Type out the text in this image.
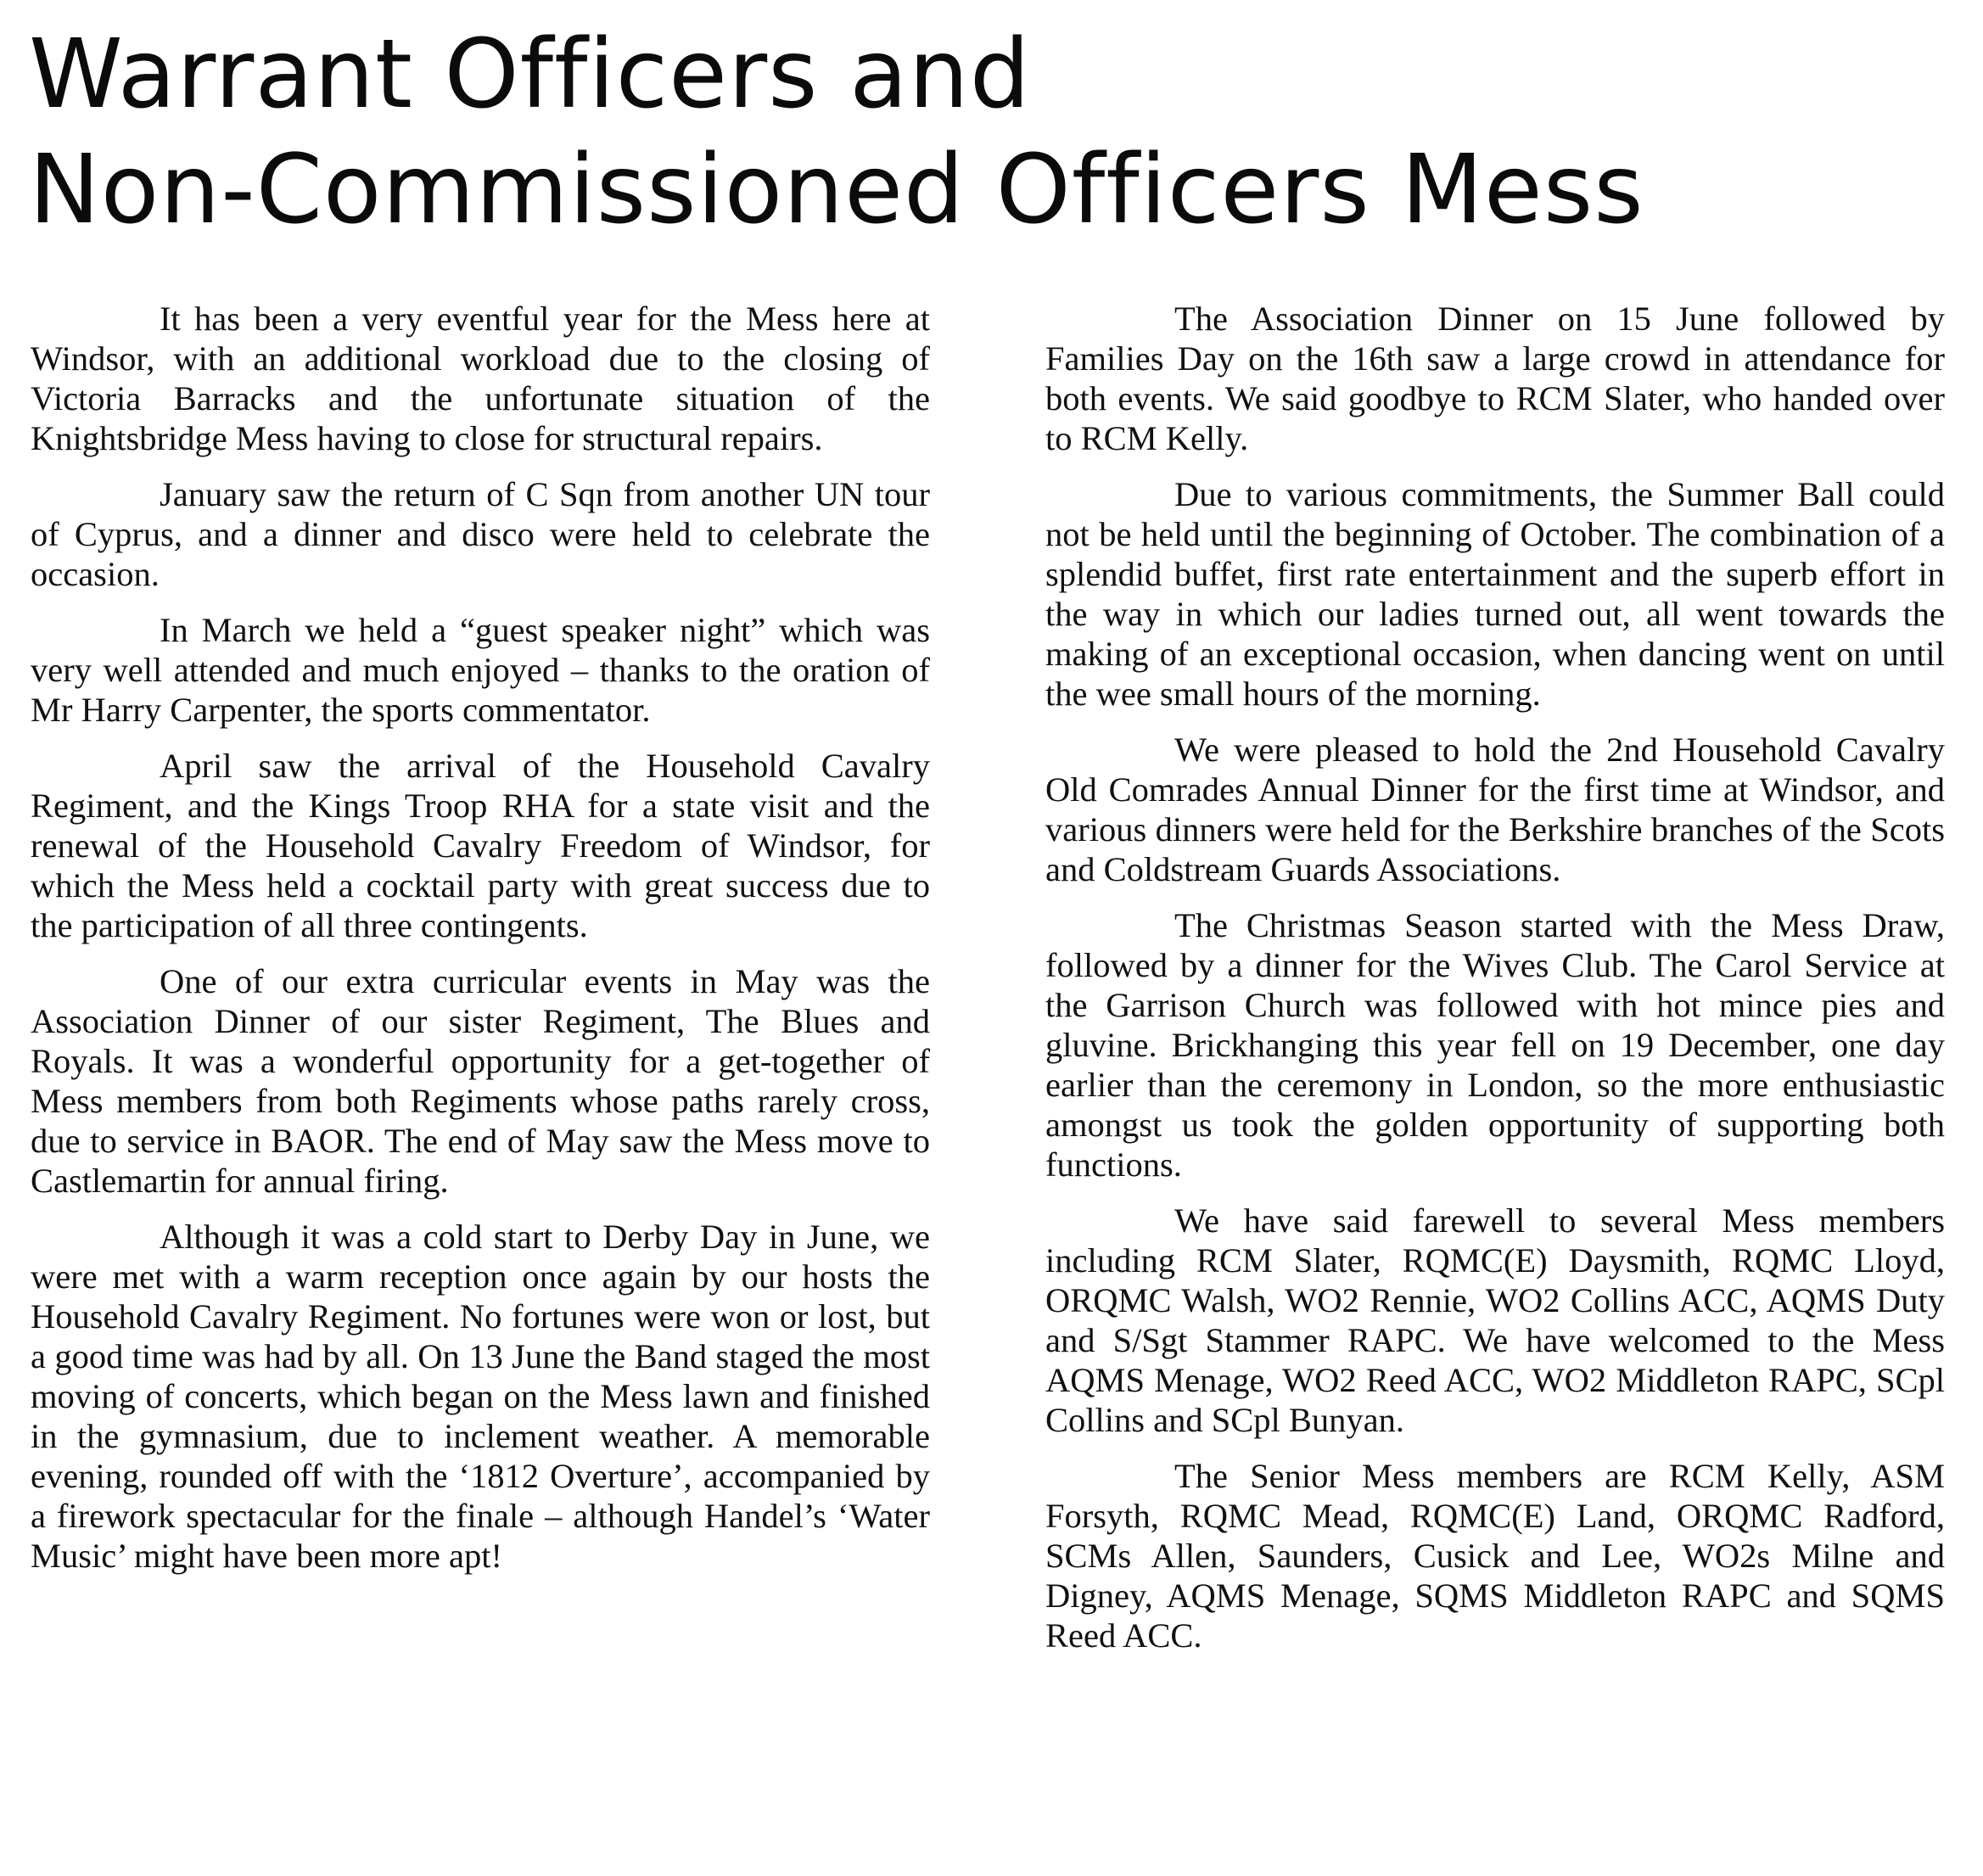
Warrant Officers and
Non-Commissioned Officers Mess

It has been a very eventful year for the Mess here at Windsor, with an additional workload due to the closing of Victoria Barracks and the unfortunate situation of the Knightsbridge Mess having to close for structural repairs.

January saw the return of C Sqn from another UN tour of Cyprus, and a dinner and disco were held to celebrate the occasion.

In March we held a “guest speaker night” which was very well attended and much enjoyed – thanks to the oration of Mr Harry Carpenter, the sports commentator.

April saw the arrival of the Household Cavalry Regiment, and the Kings Troop RHA for a state visit and the renewal of the Household Cavalry Freedom of Windsor, for which the Mess held a cocktail party with great success due to the participation of all three contingents.

One of our extra curricular events in May was the Association Dinner of our sister Regiment, The Blues and Royals. It was a wonderful opportunity for a get-together of Mess members from both Regiments whose paths rarely cross, due to service in BAOR. The end of May saw the Mess move to Castlemartin for annual firing.

Although it was a cold start to Derby Day in June, we were met with a warm reception once again by our hosts the Household Cavalry Regiment. No fortunes were won or lost, but a good time was had by all. On 13 June the Band staged the most moving of concerts, which began on the Mess lawn and finished in the gymnasium, due to inclement weather. A memorable evening, rounded off with the ‘1812 Overture’, accompanied by a firework spectacular for the finale – although Handel’s ‘Water Music’ might have been more apt!

The Association Dinner on 15 June followed by Families Day on the 16th saw a large crowd in attendance for both events. We said goodbye to RCM Slater, who handed over to RCM Kelly.

Due to various commitments, the Summer Ball could not be held until the beginning of October. The combination of a splendid buffet, first rate entertainment and the superb effort in the way in which our ladies turned out, all went towards the making of an exceptional occasion, when dancing went on until the wee small hours of the morning.

We were pleased to hold the 2nd Household Cavalry Old Comrades Annual Dinner for the first time at Windsor, and various dinners were held for the Berkshire branches of the Scots and Coldstream Guards Associations.

The Christmas Season started with the Mess Draw, followed by a dinner for the Wives Club. The Carol Service at the Garrison Church was followed with hot mince pies and gluvine. Brickhanging this year fell on 19 December, one day earlier than the ceremony in London, so the more enthusiastic amongst us took the golden opportunity of supporting both functions.

We have said farewell to several Mess members including RCM Slater, RQMC(E) Daysmith, RQMC Lloyd, ORQMC Walsh, WO2 Rennie, WO2 Collins ACC, AQMS Duty and S/Sgt Stammer RAPC. We have welcomed to the Mess AQMS Menage, WO2 Reed ACC, WO2 Middleton RAPC, SCpl Collins and SCpl Bunyan.

The Senior Mess members are RCM Kelly, ASM Forsyth, RQMC Mead, RQMC(E) Land, ORQMC Radford, SCMs Allen, Saunders, Cusick and Lee, WO2s Milne and Digney, AQMS Menage, SQMS Middleton RAPC and SQMS Reed ACC.
